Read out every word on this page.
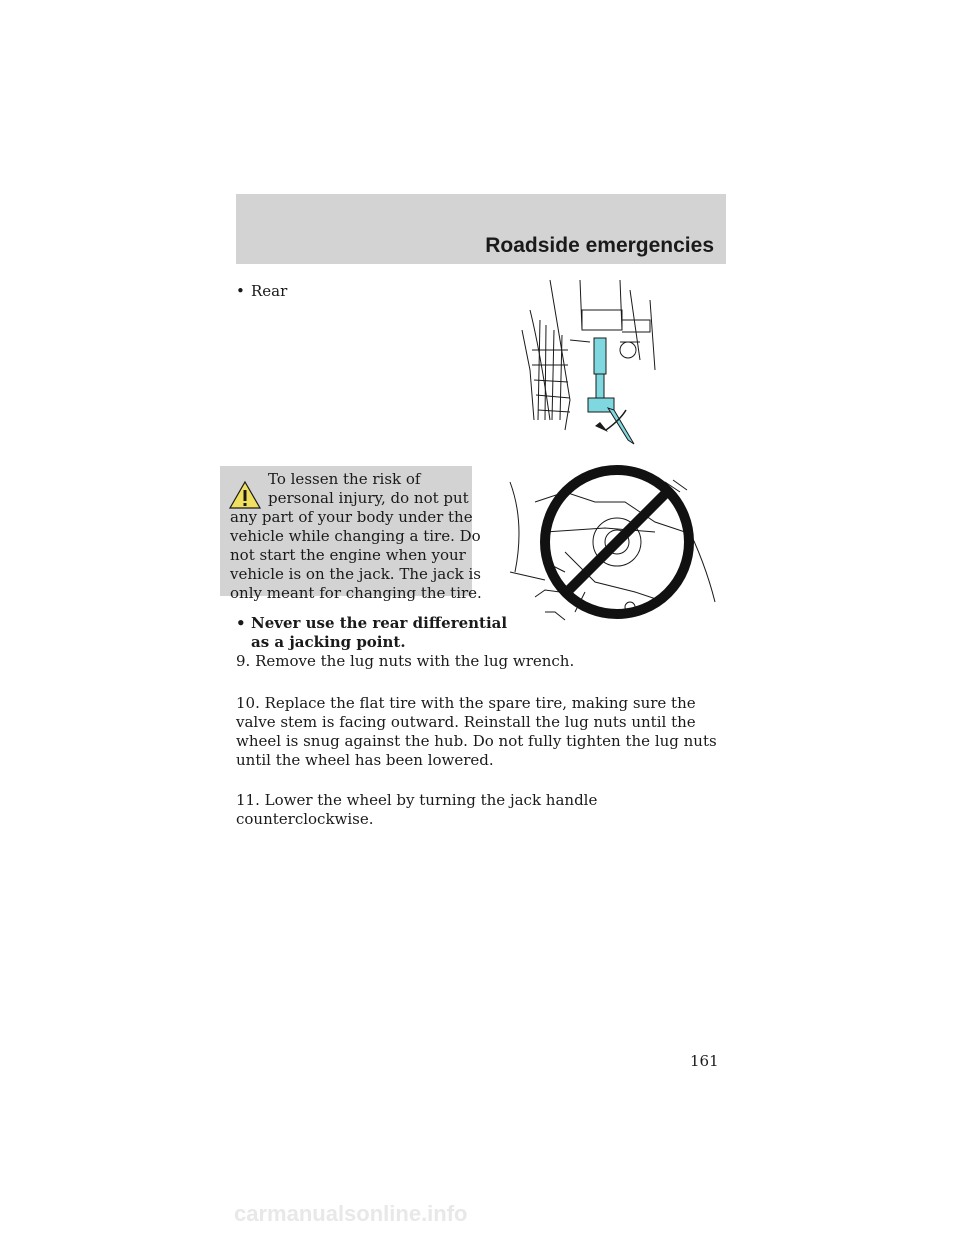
Roadside emergencies
• Rear
To lessen the risk of
personal injury, do not put
any part of your body under the
vehicle while changing a tire. Do
not start the engine when your
vehicle is on the jack. The jack is
only meant for changing the tire.
• Never use the rear differential
as a jacking point.
9. Remove the lug nuts with the lug wrench.
10. Replace the flat tire with the spare tire, making sure the valve stem is facing outward. Reinstall the lug nuts until the wheel is snug against the hub. Do not fully tighten the lug nuts until the wheel has been lowered.
11. Lower the wheel by turning the jack handle counterclockwise.
161
carmanualsonline.info
